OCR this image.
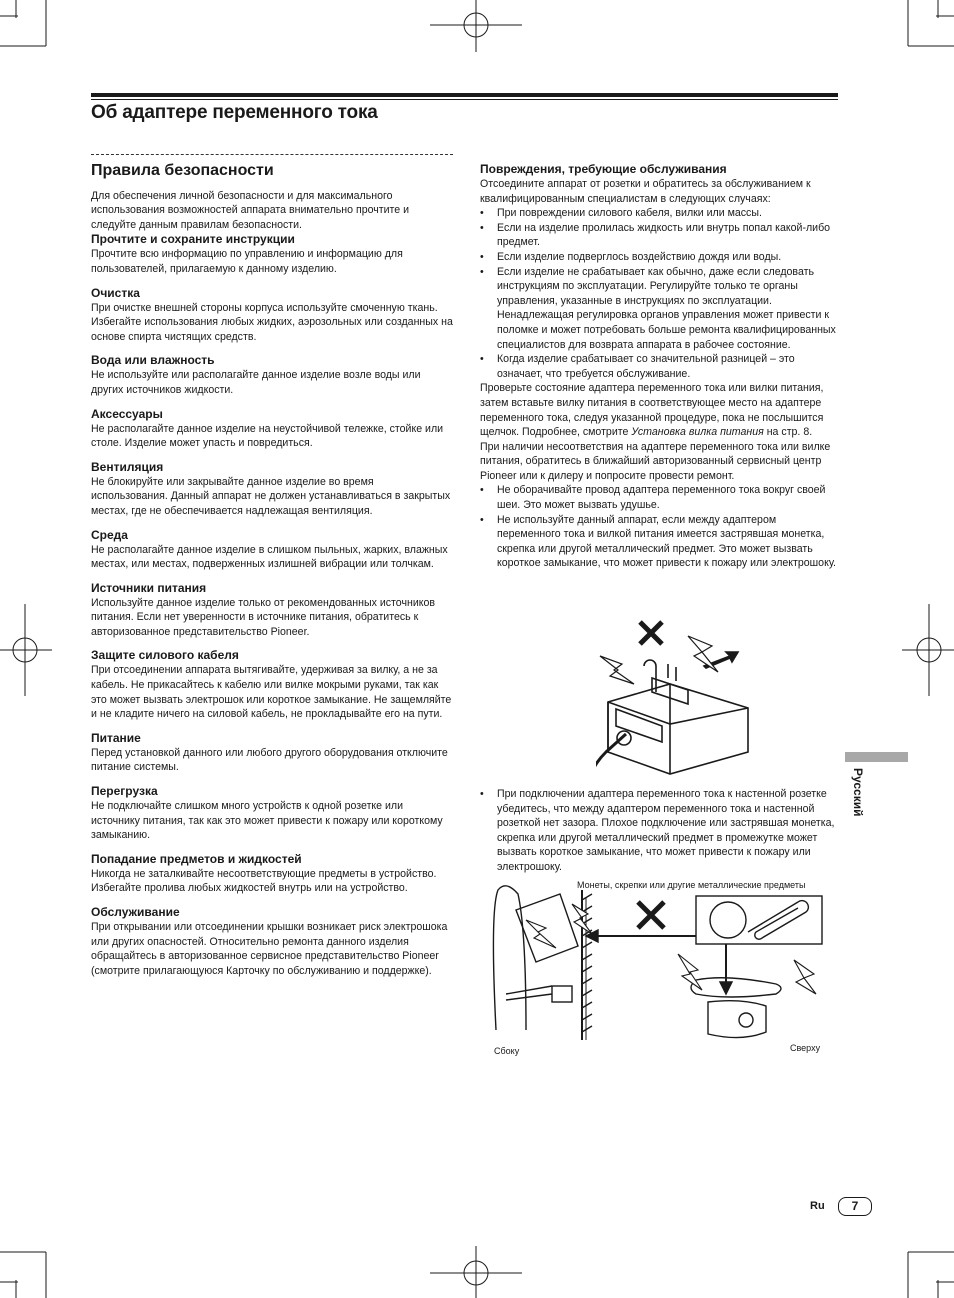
Об адаптере переменного тока
Правила безопасности

Для обеспечения личной безопасности и для максимального использования возможностей аппарата внимательно прочтите и следуйте данным правилам безопасности.

Прочтите и сохраните инструкции

Прочтите всю информацию по управлению и информацию для пользователей, прилагаемую к данному изделию.

Очистка

При очистке внешней стороны корпуса используйте смоченную ткань. Избегайте использования любых жидких, аэрозольных или созданных на основе спирта чистящих средств.

Вода или влажность

Не используйте или располагайте данное изделие возле воды или других источников жидкости.

Аксессуары

Не располагайте данное изделие на неустойчивой тележке, стойке или столе. Изделие может упасть и повредиться.

Вентиляция

Не блокируйте или закрывайте данное изделие во время использования. Данный аппарат не должен устанавливаться в закрытых местах, где не обеспечивается надлежащая вентиляция.

Среда

Не располагайте данное изделие в слишком пыльных, жарких, влажных местах, или местах, подверженных излишней вибрации или толчкам.

Источники питания

Используйте данное изделие только от рекомендованных источников питания. Если нет уверенности в источнике питания, обратитесь к авторизованное представительство Pioneer.

Защите силового кабеля

При отсоединении аппарата вытягивайте, удерживая за вилку, а не за кабель. Не прикасайтесь к кабелю или вилке мокрыми руками, так как это может вызвать электрошок или короткое замыкание. Не защемляйте и не кладите ничего на силовой кабель, не прокладывайте его на пути.

Питание

Перед установкой данного или любого другого оборудования отключите питание системы.

Перегрузка

Не подключайте слишком много устройств к одной розетке или источнику питания, так как это может привести к пожару или короткому замыканию.

Попадание предметов и жидкостей

Никогда не заталкивайте несоответствующие предметы в устройство. Избегайте пролива любых жидкостей внутрь или на устройство.

Обслуживание

При открывании или отсоединении крышки возникает риск электрошока или других опасностей. Относительно ремонта данного изделия обращайтесь в авторизованное сервисное представительство Pioneer (смотрите прилагающуюся Карточку по обслуживанию и поддержке).

Повреждения, требующие обслуживания

Отсоедините аппарат от розетки и обратитесь за обслуживанием к квалифицированным специалистам в следующих случаях:

• При повреждении силового кабеля, вилки или массы.
• Если на изделие пролилась жидкость или внутрь попал какой-либо предмет.
• Если изделие подверглось воздействию дождя или воды.
• Если изделие не срабатывает как обычно, даже если следовать инструкциям по эксплуатации. Регулируйте только те органы управления, указанные в инструкциях по эксплуатации. Ненадлежащая регулировка органов управления может привести к поломке и может потребовать больше ремонта квалифицированных специалистов для возврата аппарата в рабочее состояние.
• Когда изделие срабатывает со значительной разницей – это означает, что требуется обслуживание.

Проверьте состояние адаптера переменного тока или вилки питания, затем вставьте вилку питания в соответствующее место на адаптере переменного тока, следуя указанной процедуре, пока не послышится щелчок. Подробнее, смотрите Установка вилка питания на стр. 8.

При наличии несоответствия на адаптере переменного тока или вилке питания, обратитесь в ближайший авторизованный сервисный центр Pioneer или к дилеру и попросите провести ремонт.

• Не оборачивайте провод адаптера переменного тока вокруг своей шеи. Это может вызвать удушье.
• Не используйте данный аппарат, если между адаптером переменного тока и вилкой питания имеется застрявшая монетка, скрепка или другой металлический предмет. Это может вызвать короткое замыкание, что может привести к пожару или электрошоку.
• При подключении адаптера переменного тока к настенной розетке убедитесь, что между адаптером переменного тока и настенной розеткой нет зазора. Плохое подключение или застрявшая монетка, скрепка или другой металлический предмет в промежутке может вызвать короткое замыкание, что может привести к пожару или электрошоку.
Монеты, скрепки или другие металлические предметы
Сбоку	Сверху
Русский
Ru	7
